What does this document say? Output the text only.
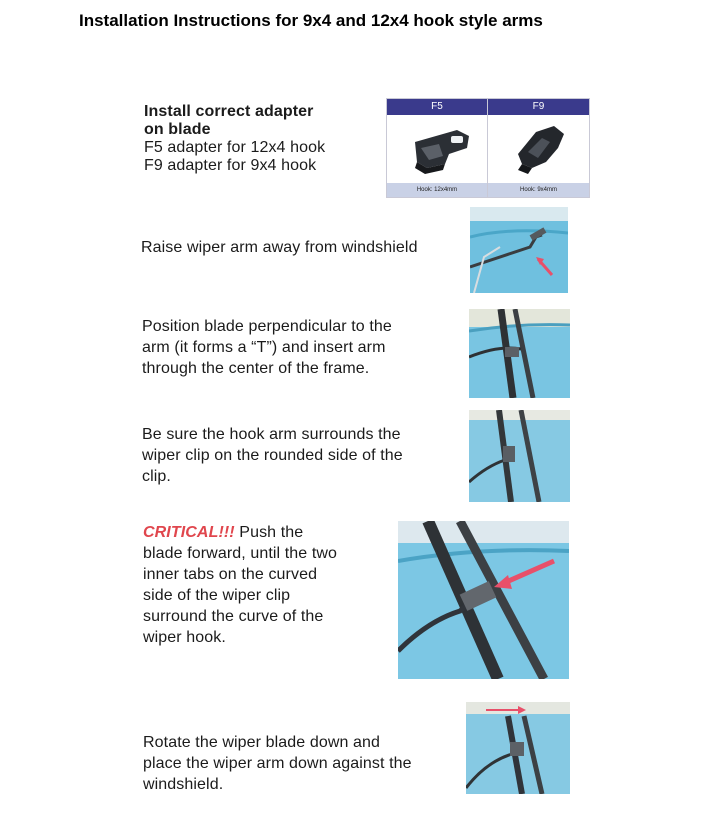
Installation Instructions for 9x4 and 12x4 hook style arms

Install correct adapter

on blade

F5 adapter for 12x4 hook

F9 adapter for 9x4 hook

F5	F9
Hook: 12x4mm	Hook: 9x4mm

Raise wiper arm away from windshield

Position blade perpendicular to the

arm (it forms a “T”) and insert arm

through the center of the frame.

Be sure the hook arm surrounds the

wiper clip on the rounded side of the

clip.

CRITICAL!!! Push the

blade forward, until the two

inner tabs on the curved

side of the wiper clip

surround the curve of the

wiper hook.

Rotate the wiper blade down and

place the wiper arm down against the

windshield.
